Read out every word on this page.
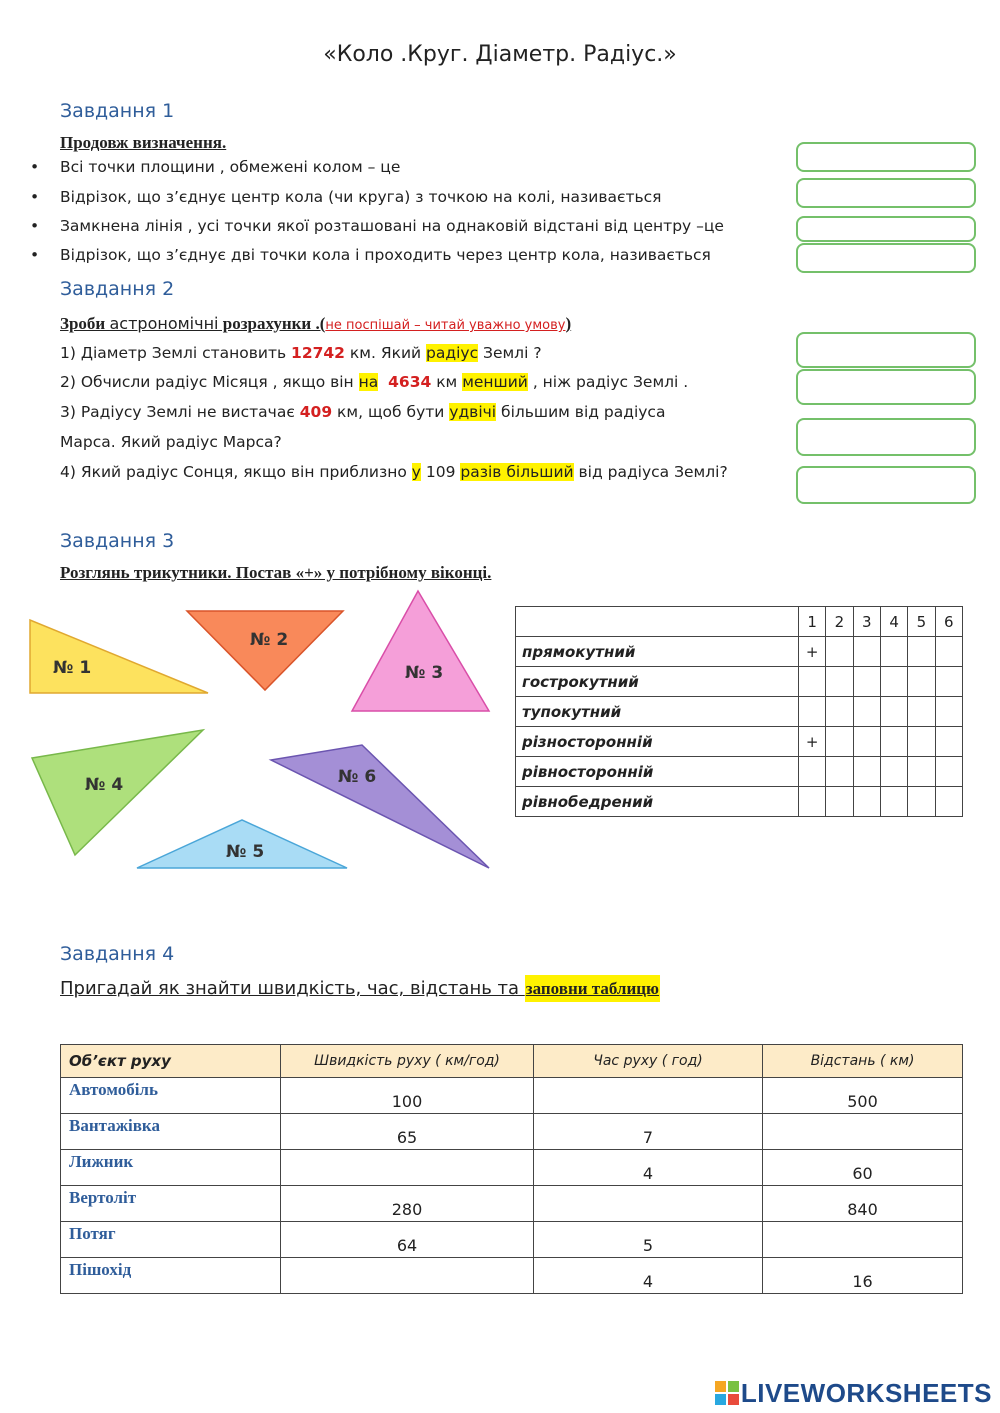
«Коло .Круг. Діаметр. Радіус.»
Завдання 1
Продовж визначення.
• Всі точки площини , обмежені колом – це
• Відрізок, що з’єднує центр кола (чи круга) з точкою на колі, називається
• Замкнена лінія , усі точки якої розташовані на однаковій відстані від центру –це
• Відрізок, що з’єднує дві точки кола і проходить через центр кола, називається
Завдання 2
Зроби астрономічні розрахунки .(не поспішай – читай уважно умову)
1) Діаметр Землі становить 12742 км. Який радіус Землі ?
2) Обчисли радіус Місяця , якщо він на 4634 км менший , ніж радіус Землі .
3) Радіусу Землі не вистачає 409 км, щоб бути удвічі більшим від радіуса
Марса. Який радіус Марса?
4) Який радіус Сонця, якщо він приблизно у 109 разів більший від радіуса Землі?
Завдання 3
Розглянь трикутники. Постав «+» у потрібному віконці.
№ 1
№ 2
№ 3
№ 4
№ 5
№ 6
	1	2	3	4	5	6
прямокутний	+					
гострокутний						
тупокутний						
різносторонній	+					
рівносторонній						
рівнобедрений						
Завдання 4
Пригадай як знайти швидкість, час, відстань та заповни таблицю
Об’єкт руху	Швидкість руху ( км/год)	Час руху ( год)	Відстань ( км)
Автомобіль	100		500
Вантажівка	65	7	
Лижник		4	60
Вертоліт	280		840
Потяг	64	5	
Пішохід		4	16
LIVEWORKSHEETS
